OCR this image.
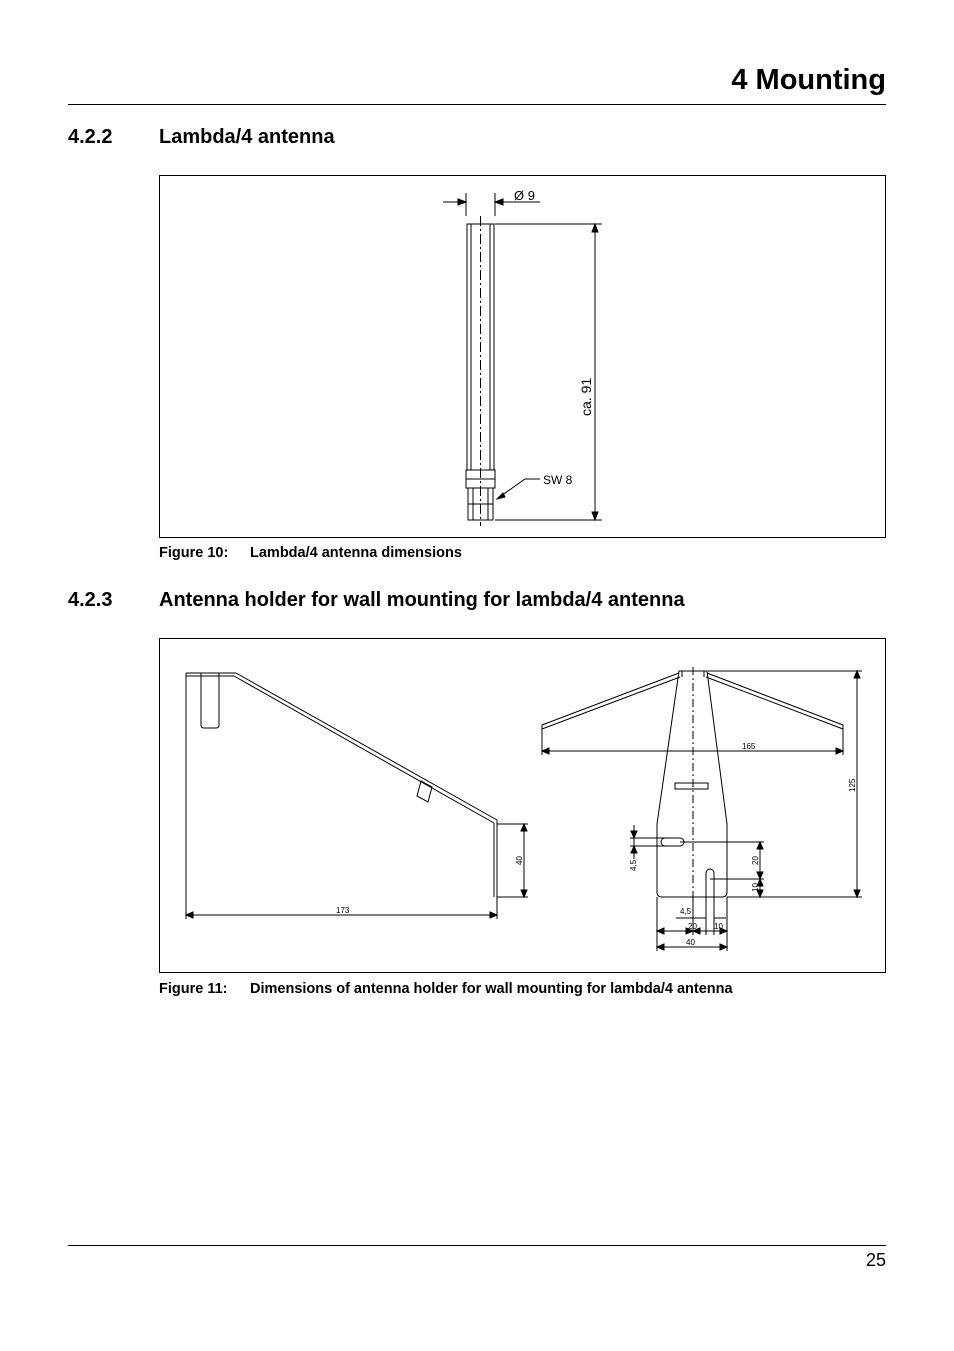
4 Mounting
4.2.2 Lambda/4 antenna
Ø 9
ca. 91
SW 8
Figure 10: Lambda/4 antenna dimensions
4.2.3 Antenna holder for wall mounting for lambda/4 antenna
40
173
165
125
20
10
4,5
4,5
20 10
40
Figure 11: Dimensions of antenna holder for wall mounting for lambda/4 antenna
25
